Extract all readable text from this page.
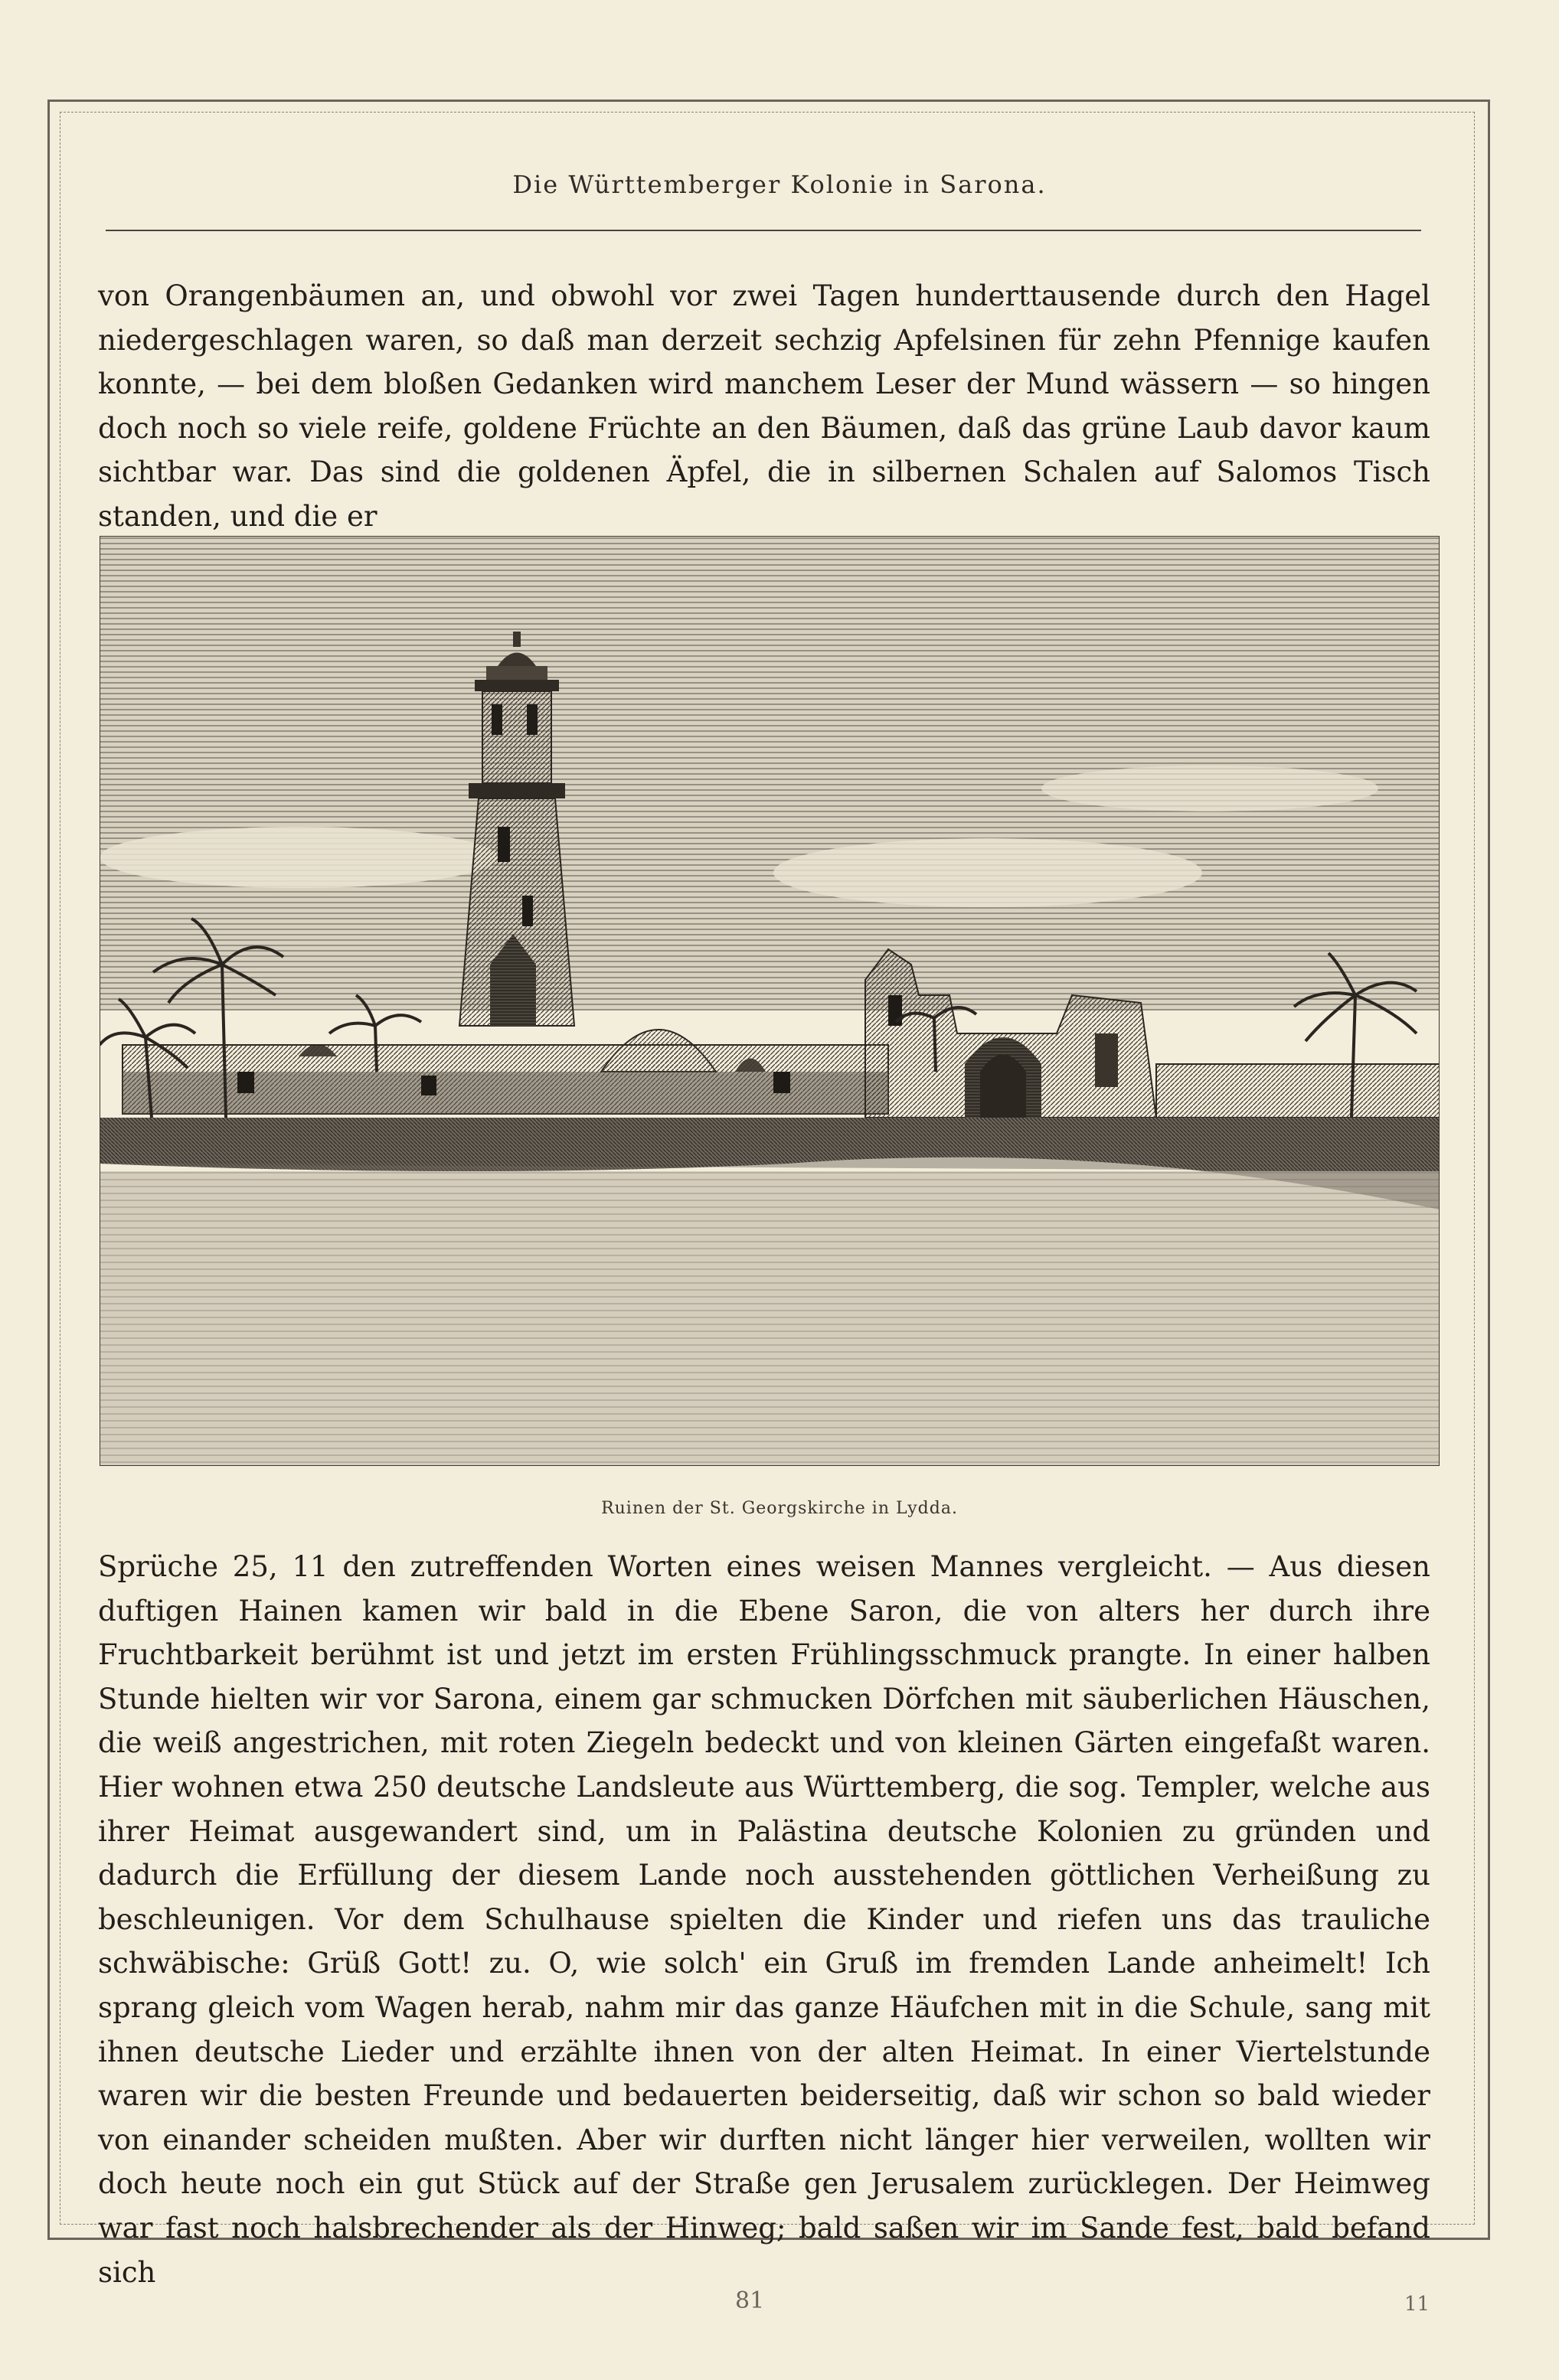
Die Württemberger Kolonie in Sarona.

von Orangenbäumen an, und obwohl vor zwei Tagen hunderttausende durch den Hagel niedergeschlagen waren, so daß man derzeit sechzig Apfelsinen für zehn Pfennige kaufen konnte, — bei dem bloßen Gedanken wird manchem Leser der Mund wässern — so hingen doch noch so viele reife, goldene Früchte an den Bäumen, daß das grüne Laub davor kaum sichtbar war. Das sind die goldenen Äpfel, die in silbernen Schalen auf Salomos Tisch standen, und die er

Ruinen der St. Georgskirche in Lydda.

Sprüche 25, 11 den zutreffenden Worten eines weisen Mannes vergleicht. — Aus diesen duftigen Hainen kamen wir bald in die Ebene Saron, die von alters her durch ihre Fruchtbarkeit berühmt ist und jetzt im ersten Frühlingsschmuck prangte. In einer halben Stunde hielten wir vor Sarona, einem gar schmucken Dörfchen mit säuberlichen Häuschen, die weiß angestrichen, mit roten Ziegeln bedeckt und von kleinen Gärten eingefaßt waren. Hier wohnen etwa 250 deutsche Landsleute aus Württemberg, die sog. Templer, welche aus ihrer Heimat ausgewandert sind, um in Palästina deutsche Kolonien zu gründen und dadurch die Erfüllung der diesem Lande noch ausstehenden göttlichen Verheißung zu beschleunigen. Vor dem Schulhause spielten die Kinder und riefen uns das trauliche schwäbische: Grüß Gott! zu. O, wie solch' ein Gruß im fremden Lande anheimelt! Ich sprang gleich vom Wagen herab, nahm mir das ganze Häufchen mit in die Schule, sang mit ihnen deutsche Lieder und erzählte ihnen von der alten Heimat. In einer Viertelstunde waren wir die besten Freunde und bedauerten beiderseitig, daß wir schon so bald wieder von einander scheiden mußten. Aber wir durften nicht länger hier verweilen, wollten wir doch heute noch ein gut Stück auf der Straße gen Jerusalem zurücklegen. Der Heimweg war fast noch halsbrechender als der Hinweg; bald saßen wir im Sande fest, bald befand sich

81	11
